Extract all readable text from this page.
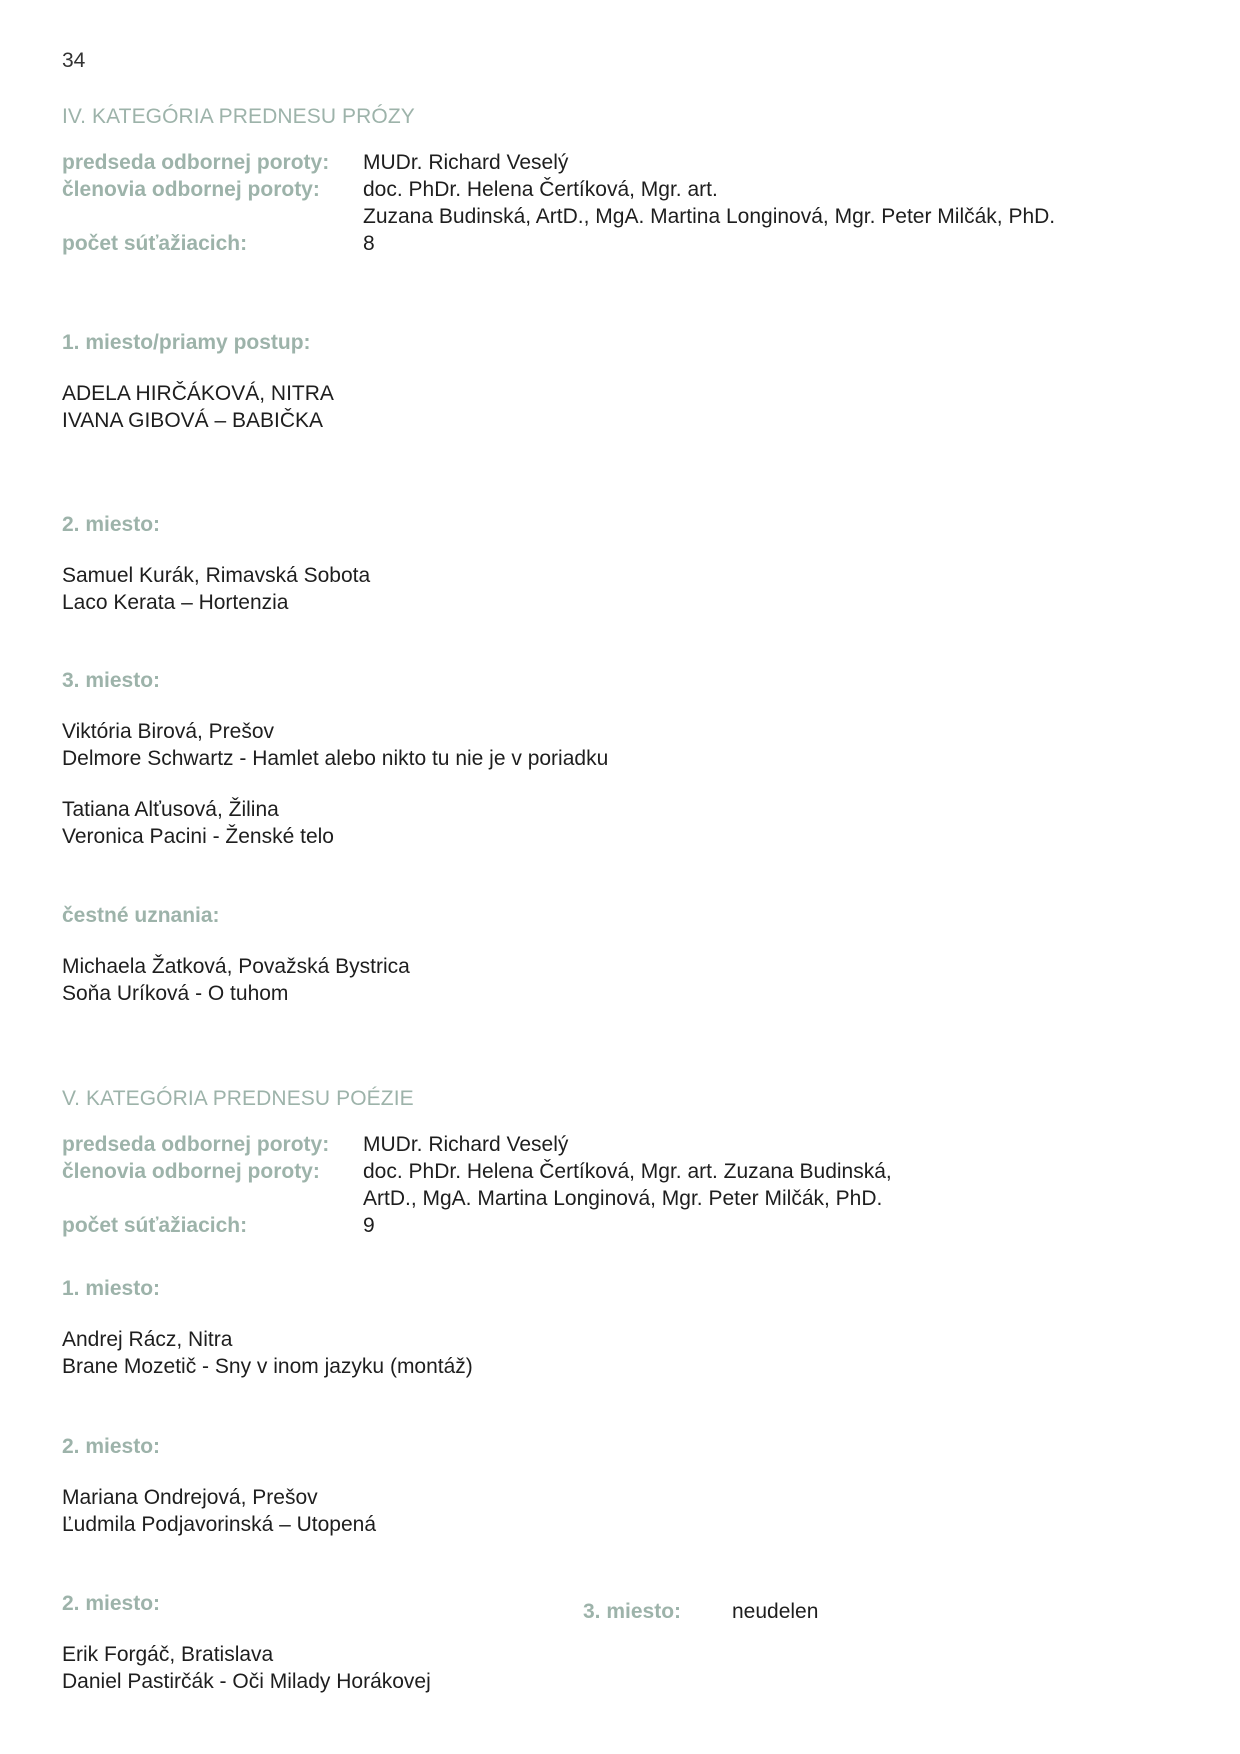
34
IV. KATEGÓRIA PREDNESU PRÓZY
predseda odbornej poroty: MUDr. Richard Veselý
členovia odbornej poroty: doc. PhDr. Helena Čertíková, Mgr. art.
Zuzana Budinská, ArtD., MgA. Martina Longinová, Mgr. Peter Milčák, PhD.
počet súťažiacich:	8
1. miesto/priamy postup:
ADELA HIRČÁKOVÁ, NITRA
IVANA GIBOVÁ – BABIČKA
2. miesto:
Samuel Kurák, Rimavská Sobota
Laco Kerata – Hortenzia
3. miesto:
Viktória Birová, Prešov
Delmore Schwartz - Hamlet alebo nikto tu nie je v poriadku
Tatiana Alťusová, Žilina
Veronica Pacini - Ženské telo
čestné uznania:
Michaela Žatková, Považská Bystrica
Soňa Uríková - O tuhom
V. KATEGÓRIA PREDNESU POÉZIE
predseda odbornej poroty: MUDr. Richard Veselý
členovia odbornej poroty: doc. PhDr. Helena Čertíková, Mgr. art. Zuzana Budinská,
ArtD., MgA. Martina Longinová, Mgr. Peter Milčák, PhD.
počet súťažiacich:	9
1. miesto:
Andrej Rácz, Nitra
Brane Mozetič - Sny v inom jazyku (montáž)
2. miesto:
Mariana Ondrejová, Prešov
Ľudmila Podjavorinská – Utopená
2. miesto:
Erik Forgáč, Bratislava
Daniel Pastirčák - Oči Milady Horákovej
3. miesto: neudelen
